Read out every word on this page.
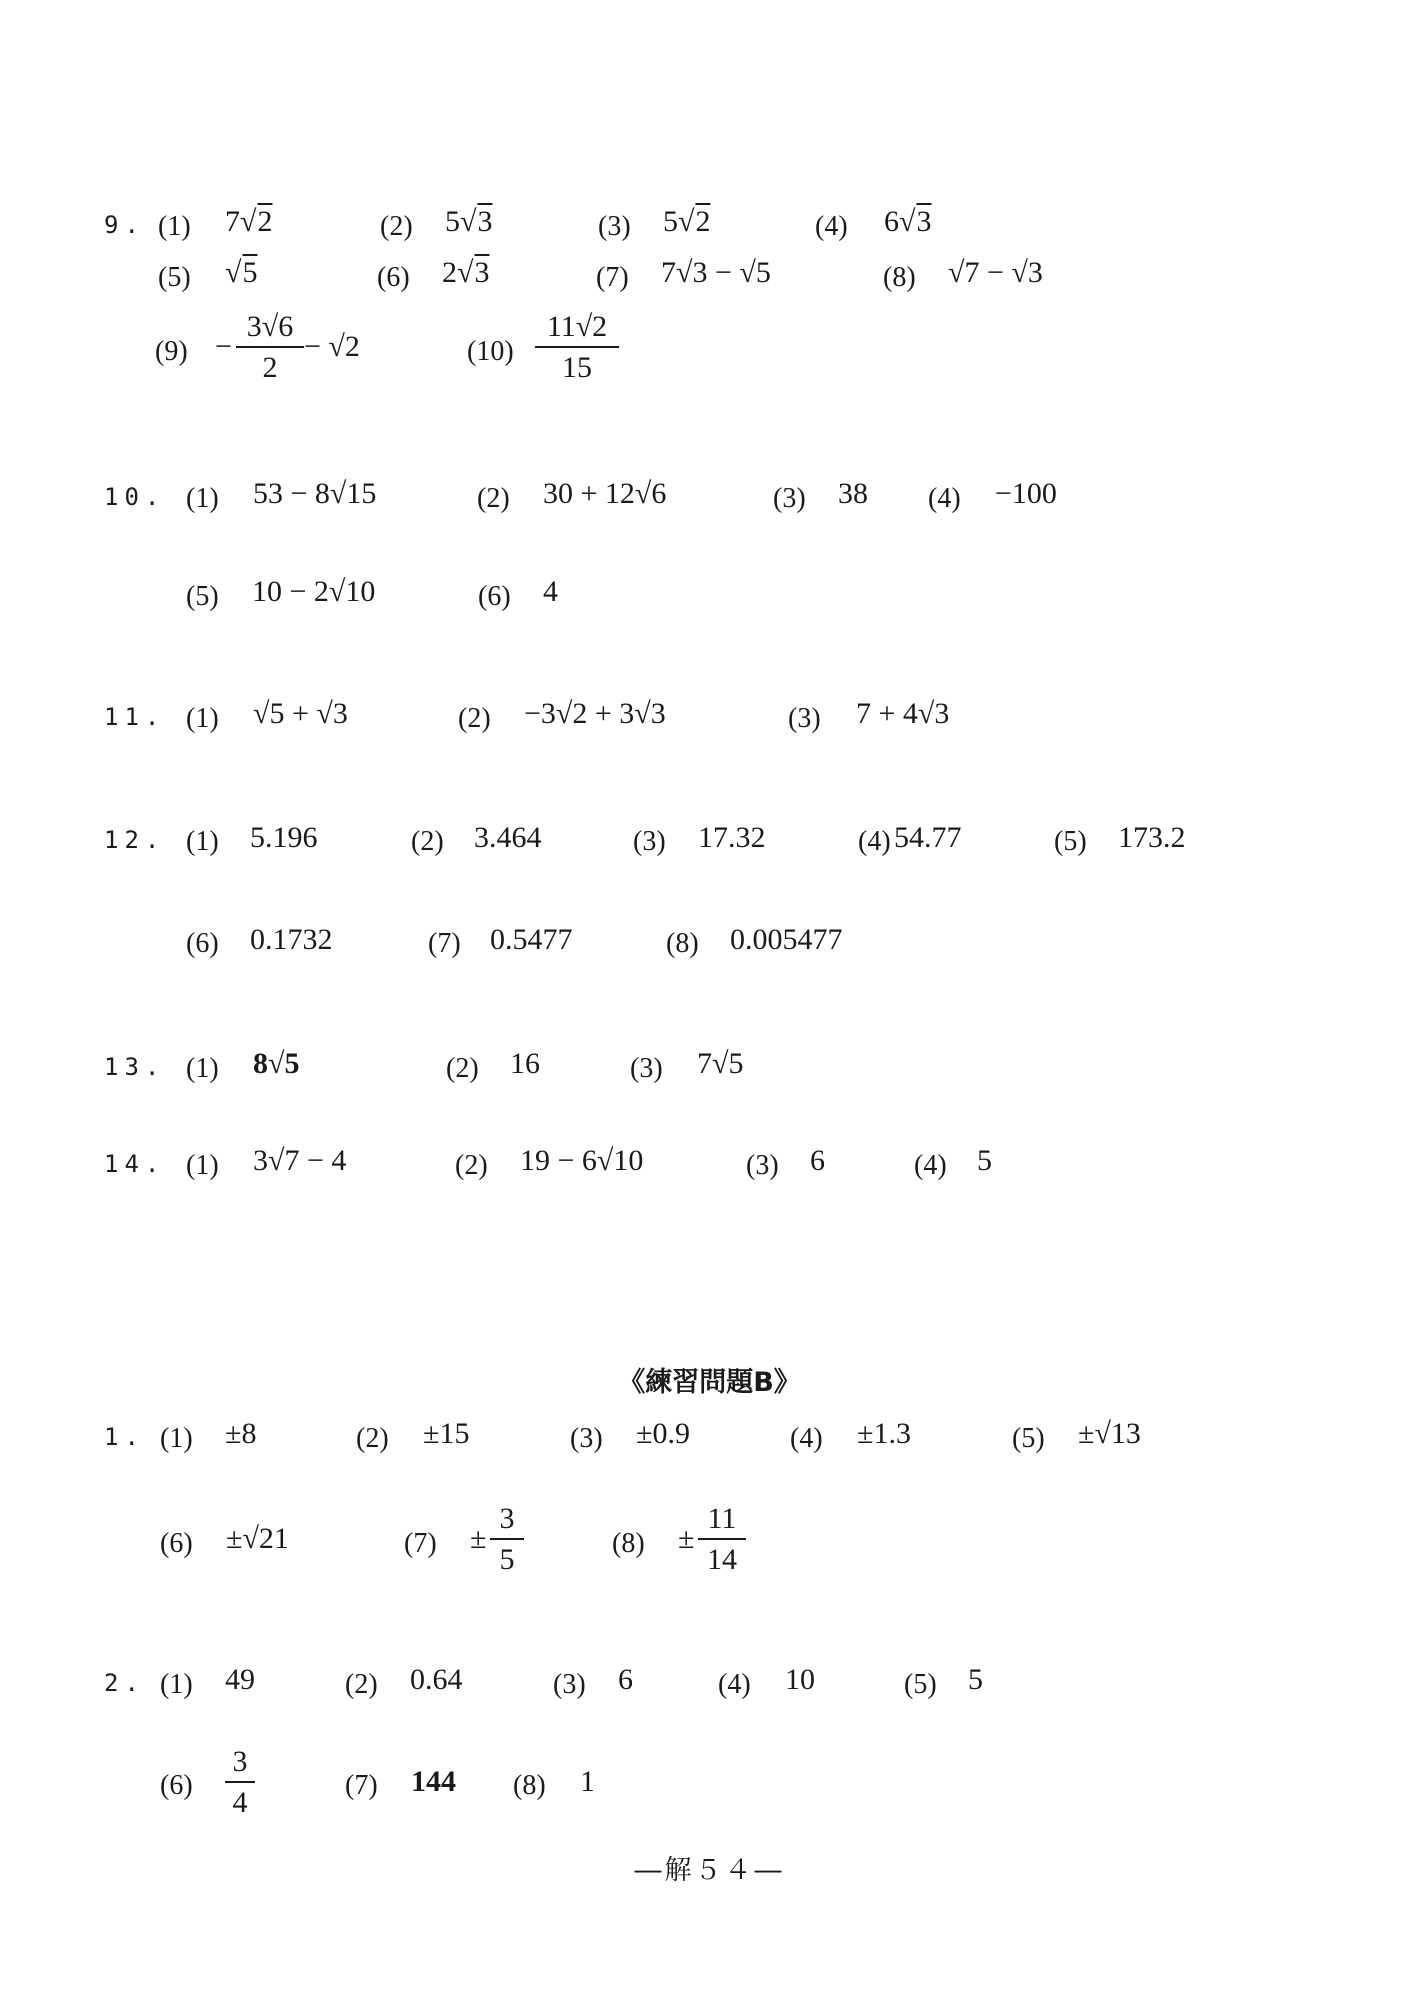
9. (1) 7√2	(2) 5√3	(3) 5√2	(4) 6√3
(5) √5	(6) 2√3	(7) 7√3 − √5	(8) √7 − √3
$(9) - \frac{3√6}{2} - √2$	$(10) \frac{11√2}{15}$
10. (1) 53 − 8√15	(2) 30 + 12√6	(3) 38 (4) −100
(5) 10 − 2√10	(6) 4
11. (1) √5 + √3	(2) −3√2 + 3√3	(3) 7 + 4√3
12. (1) 5.196	(2) 3.464	(3) 17.32	(4) 54.77	(5) 173.2
(6) 0.1732	(7) 0.5477	(8) 0.005477
13. (1) 8√5	(2) 16	(3) 7√5
14. (1) 3√7 − 4	(2) 19 − 6√10	(3) 6	(4) 5
《練習問題B》
1. (1) ±8	(2) ±15	(3) ±0.9	(4) ±1.3	(5) ±√13
(6) ±√21	$(7) \pm \frac{3}{5}$	$(8) \pm \frac{11}{14}$
2. (1) 49	(2) 0.64	(3) 6	(4) 10	(5) 5
$(6) \frac{3}{4}$	(7) 144 (8) 1
―解５４―
